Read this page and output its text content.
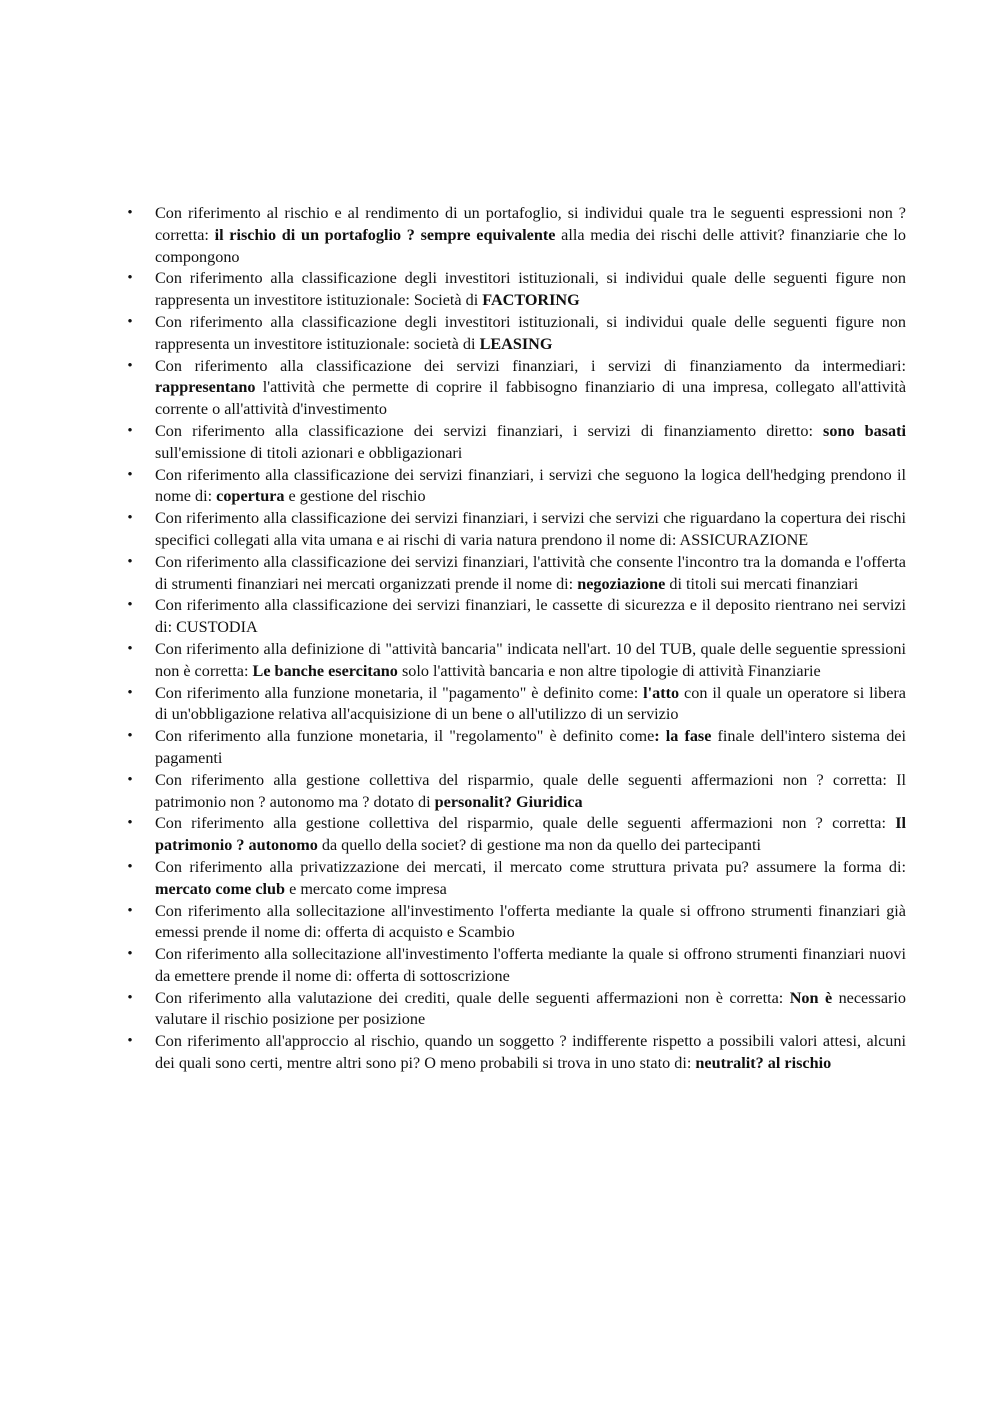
•	Con riferimento al rischio e al rendimento di un portafoglio, si individui quale tra le seguenti espressioni non ? corretta: il rischio di un portafoglio ? sempre equivalente alla media dei rischi delle attivit? finanziarie che lo compongono
•	Con riferimento alla classificazione degli investitori istituzionali, si individui quale delle seguenti figure non rappresenta un investitore istituzionale: Società di FACTORING
•	Con riferimento alla classificazione degli investitori istituzionali, si individui quale delle seguenti figure non rappresenta un investitore istituzionale: società di LEASING
•	Con riferimento alla classificazione dei servizi finanziari, i servizi di finanziamento da intermediari: rappresentano l'attività che permette di coprire il fabbisogno finanziario di una impresa, collegato all'attività corrente o all'attività d'investimento
•	Con riferimento alla classificazione dei servizi finanziari, i servizi di finanziamento diretto: sono basati sull'emissione di titoli azionari e obbligazionari
•	Con riferimento alla classificazione dei servizi finanziari, i servizi che seguono la logica dell'hedging prendono il nome di: copertura e gestione del rischio
•	Con riferimento alla classificazione dei servizi finanziari, i servizi che servizi che riguardano la copertura dei rischi specifici collegati alla vita umana e ai rischi di varia natura prendono il nome di: ASSICURAZIONE
•	Con riferimento alla classificazione dei servizi finanziari, l'attività che consente l'incontro tra la domanda e l'offerta di strumenti finanziari nei mercati organizzati prende il nome di: negoziazione di titoli sui mercati finanziari
•	Con riferimento alla classificazione dei servizi finanziari, le cassette di sicurezza e il deposito rientrano nei servizi di: CUSTODIA
•	Con riferimento alla definizione di "attività bancaria" indicata nell'art. 10 del TUB, quale delle seguentie spressioni non è corretta: Le banche esercitano solo l'attività bancaria e non altre tipologie di attività Finanziarie
•	Con riferimento alla funzione monetaria, il "pagamento" è definito come: l'atto con il quale un operatore si libera di un'obbligazione relativa all'acquisizione di un bene o all'utilizzo di un servizio
•	Con riferimento alla funzione monetaria, il "regolamento" è definito come: la fase finale dell'intero sistema dei pagamenti
•	Con riferimento alla gestione collettiva del risparmio, quale delle seguenti affermazioni non ? corretta: Il patrimonio non ? autonomo ma ? dotato di personalit? Giuridica
•	Con riferimento alla gestione collettiva del risparmio, quale delle seguenti affermazioni non ? corretta: Il patrimonio ? autonomo da quello della societ? di gestione ma non da quello dei partecipanti
•	Con riferimento alla privatizzazione dei mercati, il mercato come struttura privata pu? assumere la forma di: mercato come club e mercato come impresa
•	Con riferimento alla sollecitazione all'investimento l'offerta mediante la quale si offrono strumenti finanziari già emessi prende il nome di: offerta di acquisto e Scambio
•	Con riferimento alla sollecitazione all'investimento l'offerta mediante la quale si offrono strumenti finanziari nuovi da emettere prende il nome di: offerta di sottoscrizione
•	Con riferimento alla valutazione dei crediti, quale delle seguenti affermazioni non è corretta: Non è necessario valutare il rischio posizione per posizione
•	Con riferimento all'approccio al rischio, quando un soggetto ? indifferente rispetto a possibili valori attesi, alcuni dei quali sono certi, mentre altri sono pi? O meno probabili si trova in uno stato di: neutralit? al rischio
